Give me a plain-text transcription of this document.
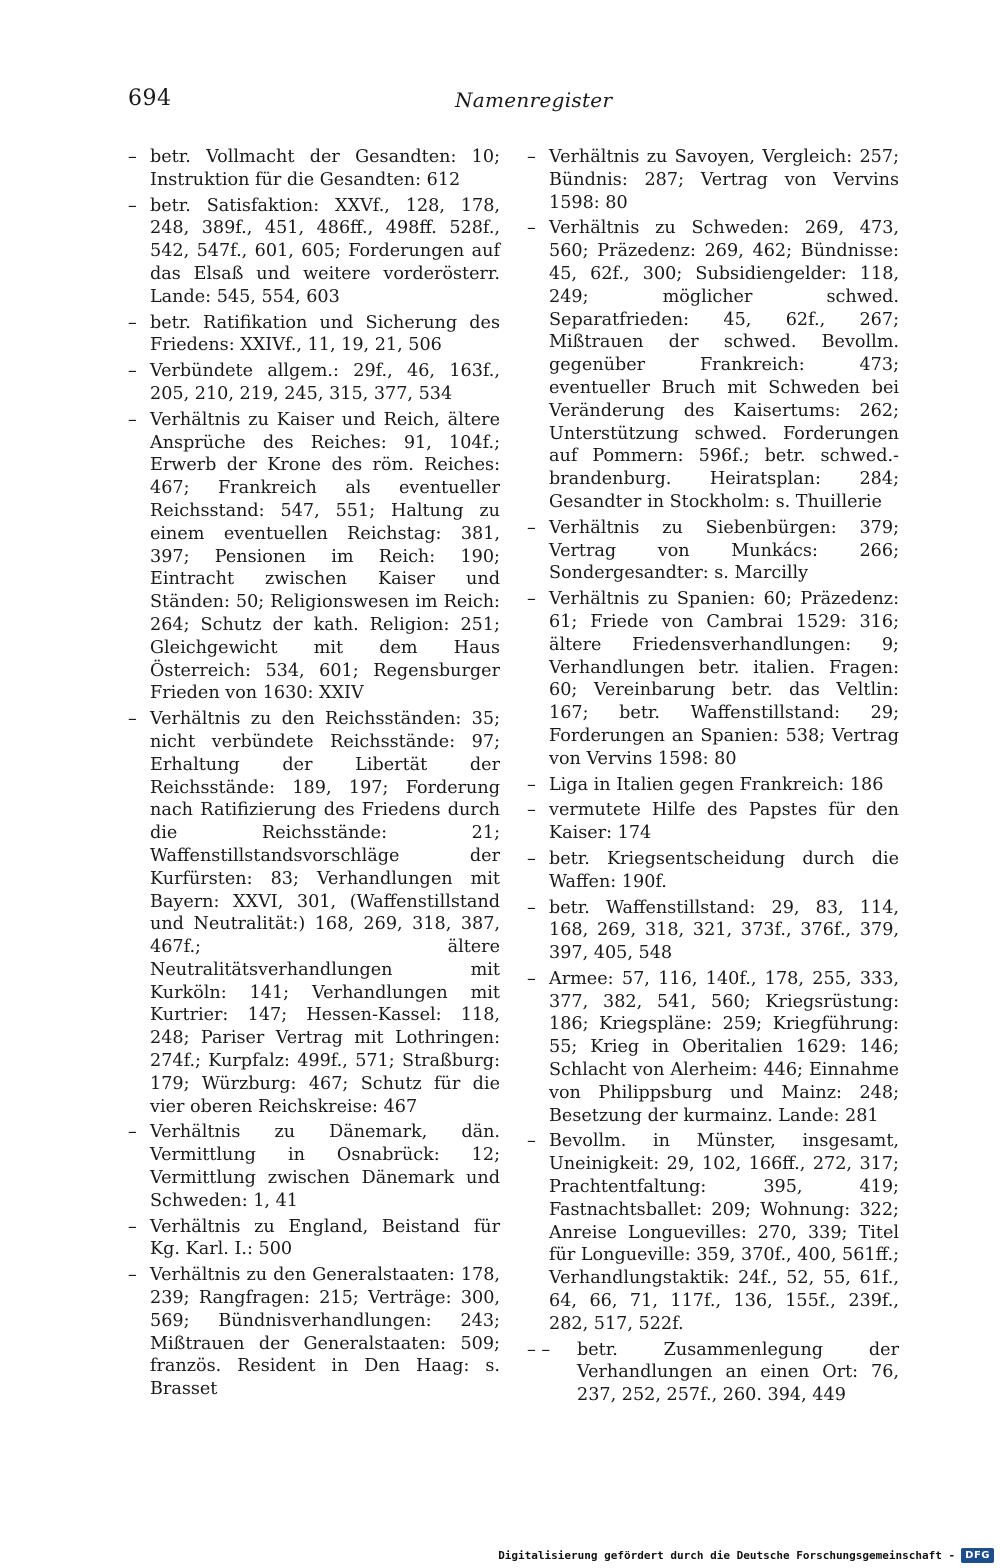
694	Namenregister
– betr. Vollmacht der Gesandten: 10; Instruktion für die Gesandten: 612
– betr. Satisfaktion: XXVf., 128, 178, 248, 389f., 451, 486ff., 498ff. 528f., 542, 547f., 601, 605; Forderungen auf das Elsaß und weitere vorderösterr. Lande: 545, 554, 603
– betr. Ratifikation und Sicherung des Friedens: XXIVf., 11, 19, 21, 506
– Verbündete allgem.: 29f., 46, 163f., 205, 210, 219, 245, 315, 377, 534
– Verhältnis zu Kaiser und Reich, ältere Ansprüche des Reiches: 91, 104f.; Erwerb der Krone des röm. Reiches: 467; Frankreich als eventueller Reichsstand: 547, 551; Haltung zu einem eventuellen Reichstag: 381, 397; Pensionen im Reich: 190; Eintracht zwischen Kaiser und Ständen: 50; Religionswesen im Reich: 264; Schutz der kath. Religion: 251; Gleichgewicht mit dem Haus Österreich: 534, 601; Regensburger Frieden von 1630: XXIV
– Verhältnis zu den Reichsständen: 35; nicht verbündete Reichsstände: 97; Erhaltung der Libertät der Reichsstände: 189, 197; Forderung nach Ratifizierung des Friedens durch die Reichsstände: 21; Waffenstillstandsvorschläge der Kurfürsten: 83; Verhandlungen mit Bayern: XXVI, 301, (Waffenstillstand und Neutralität:) 168, 269, 318, 387, 467f.; ältere Neutralitätsverhandlungen mit Kurköln: 141; Verhandlungen mit Kurtrier: 147; Hessen-Kassel: 118, 248; Pariser Vertrag mit Lothringen: 274f.; Kurpfalz: 499f., 571; Straßburg: 179; Würzburg: 467; Schutz für die vier oberen Reichskreise: 467
– Verhältnis zu Dänemark, dän. Vermittlung in Osnabrück: 12; Vermittlung zwischen Dänemark und Schweden: 1, 41
– Verhältnis zu England, Beistand für Kg. Karl. I.: 500
– Verhältnis zu den Generalstaaten: 178, 239; Rangfragen: 215; Verträge: 300, 569; Bündnisverhandlungen: 243; Mißtrauen der Generalstaaten: 509; französ. Resident in Den Haag: s. Brasset
– Verhältnis zu Savoyen, Vergleich: 257; Bündnis: 287; Vertrag von Vervins 1598: 80
– Verhältnis zu Schweden: 269, 473, 560; Präzedenz: 269, 462; Bündnisse: 45, 62f., 300; Subsidiengelder: 118, 249; möglicher schwed. Separatfrieden: 45, 62f., 267; Mißtrauen der schwed. Bevollm. gegenüber Frankreich: 473; eventueller Bruch mit Schweden bei Veränderung des Kaisertums: 262; Unterstützung schwed. Forderungen auf Pommern: 596f.; betr. schwed.-brandenburg. Heiratsplan: 284; Gesandter in Stockholm: s. Thuillerie
– Verhältnis zu Siebenbürgen: 379; Vertrag von Munkács: 266; Sondergesandter: s. Marcilly
– Verhältnis zu Spanien: 60; Präzedenz: 61; Friede von Cambrai 1529: 316; ältere Friedensverhandlungen: 9; Verhandlungen betr. italien. Fragen: 60; Vereinbarung betr. das Veltlin: 167; betr. Waffenstillstand: 29; Forderungen an Spanien: 538; Vertrag von Vervins 1598: 80
– Liga in Italien gegen Frankreich: 186
– vermutete Hilfe des Papstes für den Kaiser: 174
– betr. Kriegsentscheidung durch die Waffen: 190f.
– betr. Waffenstillstand: 29, 83, 114, 168, 269, 318, 321, 373f., 376f., 379, 397, 405, 548
– Armee: 57, 116, 140f., 178, 255, 333, 377, 382, 541, 560; Kriegsrüstung: 186; Kriegspläne: 259; Kriegführung: 55; Krieg in Oberitalien 1629: 146; Schlacht von Alerheim: 446; Einnahme von Philippsburg und Mainz: 248; Besetzung der kurmainz. Lande: 281
– Bevollm. in Münster, insgesamt, Uneinigkeit: 29, 102, 166ff., 272, 317; Prachtentfaltung: 395, 419; Fastnachtsballet: 209; Wohnung: 322; Anreise Longuevilles: 270, 339; Titel für Longueville: 359, 370f., 400, 561ff.; Verhandlungstaktik: 24f., 52, 55, 61f., 64, 66, 71, 117f., 136, 155f., 239f., 282, 517, 522f.
– – betr. Zusammenlegung der Verhandlungen an einen Ort: 76, 237, 252, 257f., 260. 394, 449
Digitalisierung gefördert durch die Deutsche Forschungsgemeinschaft -	DFG
